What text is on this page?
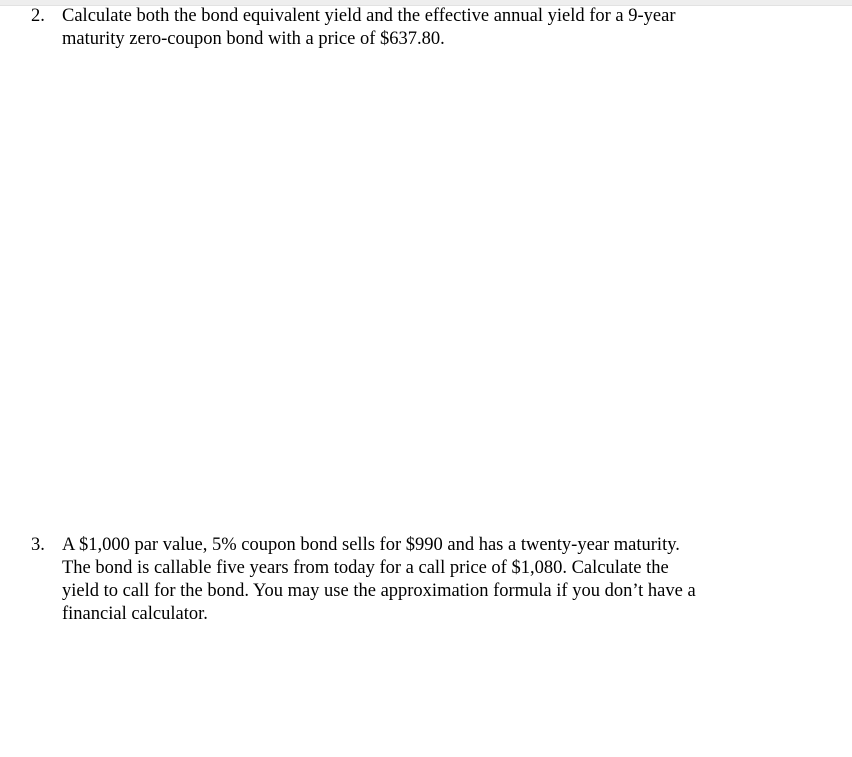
2. Calculate both the bond equivalent yield and the effective annual yield for a 9-year
maturity zero-coupon bond with a price of $637.80.
3. A $1,000 par value, 5% coupon bond sells for $990 and has a twenty-year maturity.
The bond is callable five years from today for a call price of $1,080. Calculate the
yield to call for the bond. You may use the approximation formula if you don’t have a
financial calculator.
